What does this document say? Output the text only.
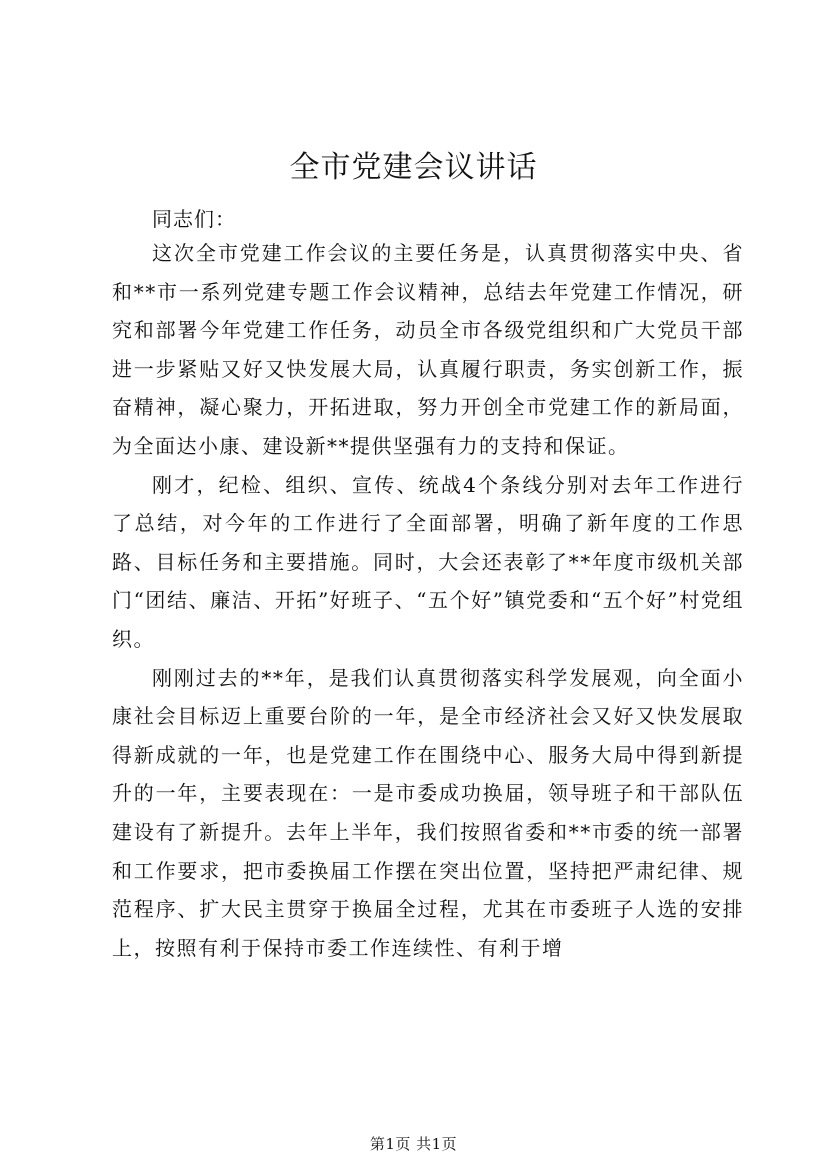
全市党建会议讲话
同志们：

这次全市党建工作会议的主要任务是，认真贯彻落实中央、省和**市一系列党建专题工作会议精神，总结去年党建工作情况，研究和部署今年党建工作任务，动员全市各级党组织和广大党员干部进一步紧贴又好又快发展大局，认真履行职责，务实创新工作，振奋精神，凝心聚力，开拓进取，努力开创全市党建工作的新局面，为全面达小康、建设新**提供坚强有力的支持和保证。

刚才，纪检、组织、宣传、统战4个条线分别对去年工作进行了总结，对今年的工作进行了全面部署，明确了新年度的工作思路、目标任务和主要措施。同时，大会还表彰了**年度市级机关部门“团结、廉洁、开拓”好班子、“五个好”镇党委和“五个好”村党组织。

刚刚过去的**年，是我们认真贯彻落实科学发展观，向全面小康社会目标迈上重要台阶的一年，是全市经济社会又好又快发展取得新成就的一年，也是党建工作在围绕中心、服务大局中得到新提升的一年，主要表现在：一是市委成功换届，领导班子和干部队伍建设有了新提升。去年上半年，我们按照省委和**市委的统一部署和工作要求，把市委换届工作摆在突出位置，坚持把严肃纪律、规范程序、扩大民主贯穿于换届全过程，尤其在市委班子人选的安排上，按照有利于保持市委工作连续性、有利于增

第1页 共1页
